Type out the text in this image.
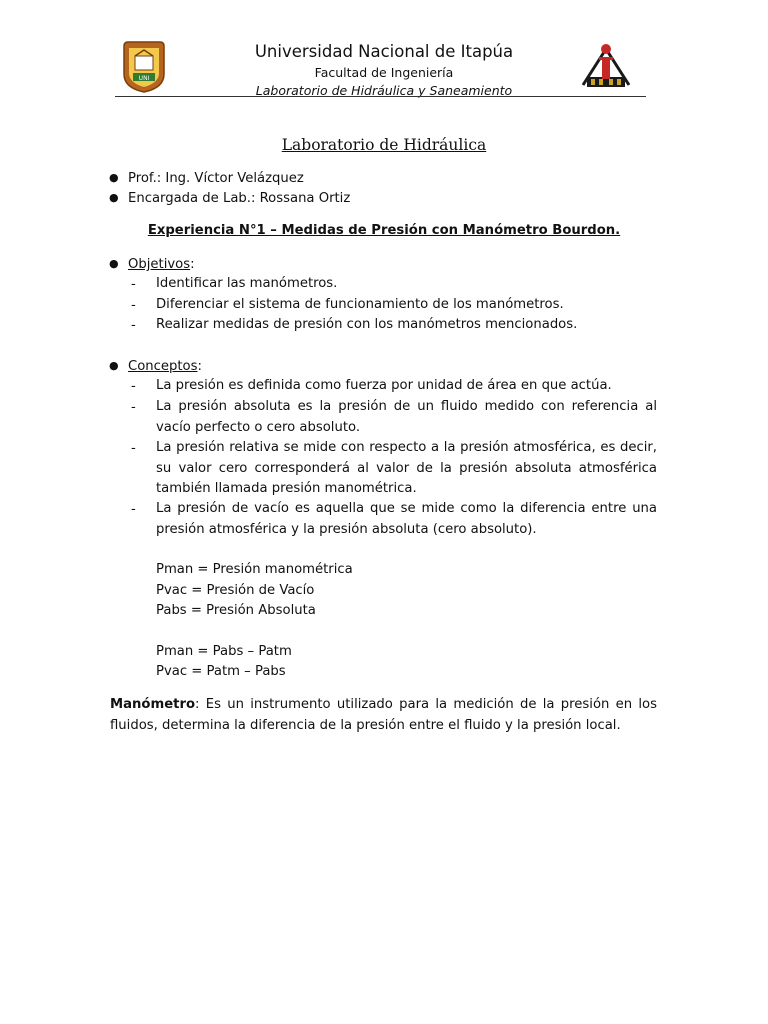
UNI
Universidad Nacional de Itapúa
Facultad de Ingeniería
Laboratorio de Hidráulica y Saneamiento
Laboratorio de Hidráulica
● Prof.: Ing. Víctor Velázquez
● Encargada de Lab.: Rossana Ortiz
Experiencia N°1 – Medidas de Presión con Manómetro Bourdon.
● Objetivos:
- Identificar las manómetros.
- Diferenciar el sistema de funcionamiento de los manómetros.
- Realizar medidas de presión con los manómetros mencionados.
● Conceptos:
- La presión es definida como fuerza por unidad de área en que actúa.
- La presión absoluta es la presión de un fluido medido con referencia al vacío perfecto o cero absoluto.
- La presión relativa se mide con respecto a la presión atmosférica, es decir, su valor cero corresponderá al valor de la presión absoluta atmosférica también llamada presión manométrica.
- La presión de vacío es aquella que se mide como la diferencia entre una presión atmosférica y la presión absoluta (cero absoluto).
Pman = Presión manométrica
Pvac = Presión de Vacío
Pabs = Presión Absoluta
Pman = Pabs – Patm
Pvac = Patm – Pabs
Manómetro: Es un instrumento utilizado para la medición de la presión en los fluidos, determina la diferencia de la presión entre el fluido y la presión local.
